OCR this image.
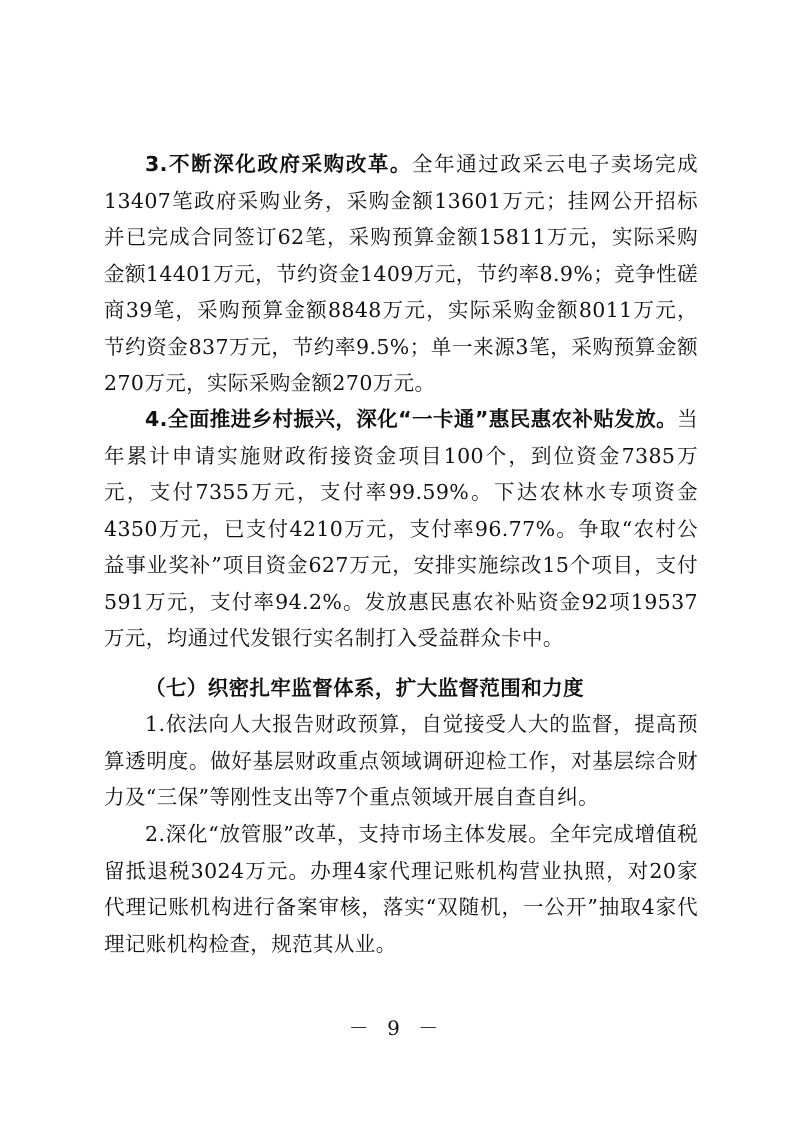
3.不断深化政府采购改革。全年通过政采云电子卖场完成13407笔政府采购业务，采购金额13601万元；挂网公开招标并已完成合同签订62笔，采购预算金额15811万元，实际采购金额14401万元，节约资金1409万元，节约率8.9%；竞争性磋商39笔，采购预算金额8848万元，实际采购金额8011万元，节约资金837万元，节约率9.5%；单一来源3笔，采购预算金额270万元，实际采购金额270万元。

4.全面推进乡村振兴，深化“一卡通”惠民惠农补贴发放。当年累计申请实施财政衔接资金项目100个，到位资金7385万元，支付7355万元，支付率99.59%。下达农林水专项资金4350万元，已支付4210万元，支付率96.77%。争取“农村公益事业奖补”项目资金627万元，安排实施综改15个项目，支付591万元，支付率94.2%。发放惠民惠农补贴资金92项19537万元，均通过代发银行实名制打入受益群众卡中。

（七）织密扎牢监督体系，扩大监督范围和力度

1.依法向人大报告财政预算，自觉接受人大的监督，提高预算透明度。做好基层财政重点领域调研迎检工作，对基层综合财力及“三保”等刚性支出等7个重点领域开展自查自纠。

2.深化“放管服”改革，支持市场主体发展。全年完成增值税留抵退税3024万元。办理4家代理记账机构营业执照，对20家代理记账机构进行备案审核，落实“双随机，一公开”抽取4家代理记账机构检查，规范其从业。

－ 9 －
